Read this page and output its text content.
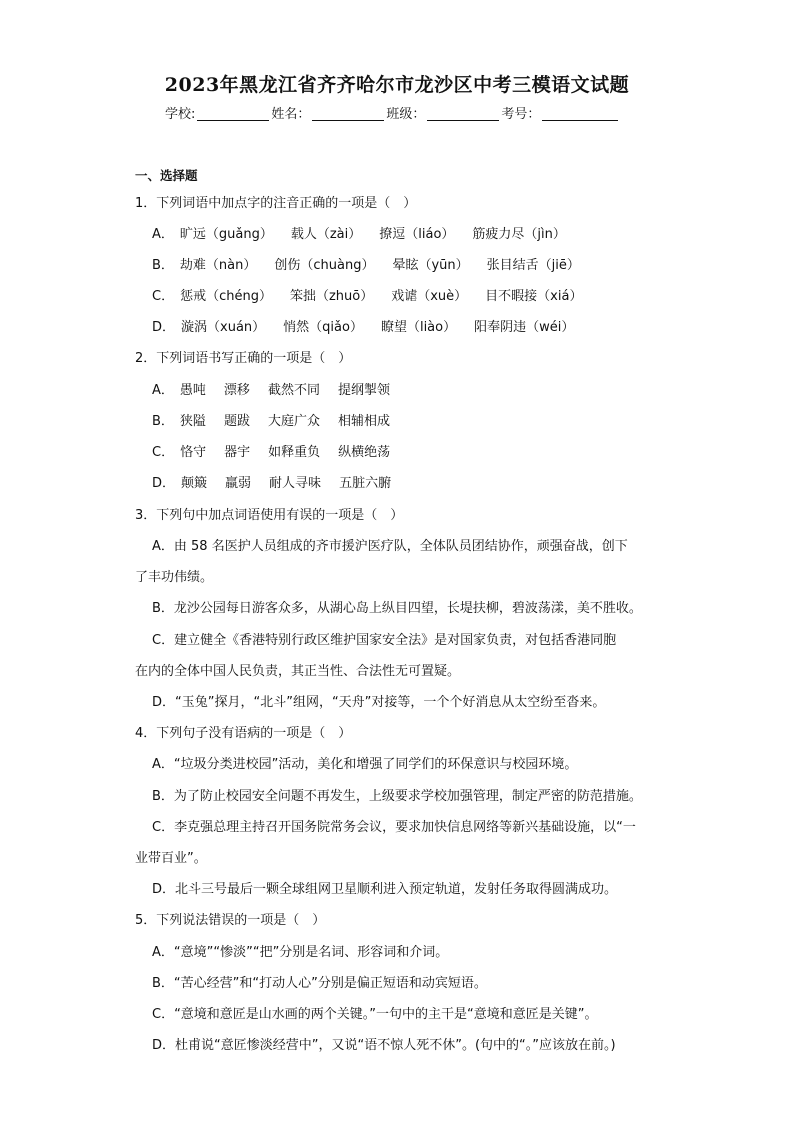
2023年黑龙江省齐齐哈尔市龙沙区中考三模语文试题
学校:	姓名：	班级：	考号：
一、选择题
1．下列词语中加点字的注音正确的一项是（　）
A． 旷远（guǎng） 载人（zài） 撩逗（liáo） 筋疲力尽（jìn）
B． 劫难（nàn） 创伤（chuàng） 晕眩（yūn） 张目结舌（jiē）
C． 惩戒（chéng） 笨拙（zhuō） 戏谑（xuè） 目不暇接（xiá）
D． 漩涡（xuán） 悄然（qiǎo） 瞭望（liào） 阳奉阴违（wéi）
2．下列词语书写正确的一项是（　）
A． 愚吨 漂移 截然不同 提纲掣领
B． 狭隘 题跋 大庭广众 相辅相成
C． 恪守 器宇 如释重负 纵横绝荡
D． 颠簸 羸弱 耐人寻味 五脏六腑
3．下列句中加点词语使用有误的一项是（　）
A．由 58 名医护人员组成的齐市援沪医疗队，全体队员团结协作，顽强奋战，创下
了丰功伟绩。
B．龙沙公园每日游客众多，从湖心岛上纵目四望，长堤扶柳，碧波荡漾，美不胜收。
C．建立健全《香港特别行政区维护国家安全法》是对国家负责，对包括香港同胞
在内的全体中国人民负责，其正当性、合法性无可置疑。
D．“玉兔”探月，“北斗”组网，“天舟”对接等，一个个好消息从太空纷至沓来。
4．下列句子没有语病的一项是（　）
A．“垃圾分类进校园”活动，美化和增强了同学们的环保意识与校园环境。
B．为了防止校园安全问题不再发生，上级要求学校加强管理，制定严密的防范措施。
C．李克强总理主持召开国务院常务会议，要求加快信息网络等新兴基础设施，以“一
业带百业”。
D．北斗三号最后一颗全球组网卫星顺利进入预定轨道，发射任务取得圆满成功。
5．下列说法错误的一项是（　）
A．“意境”“惨淡”“把”分别是名词、形容词和介词。
B．“苦心经营”和“打动人心”分别是偏正短语和动宾短语。
C．“意境和意匠是山水画的两个关键。”一句中的主干是“意境和意匠是关键”。
D．杜甫说“意匠惨淡经营中”，又说“语不惊人死不休”。(句中的“。”应该放在前。)
